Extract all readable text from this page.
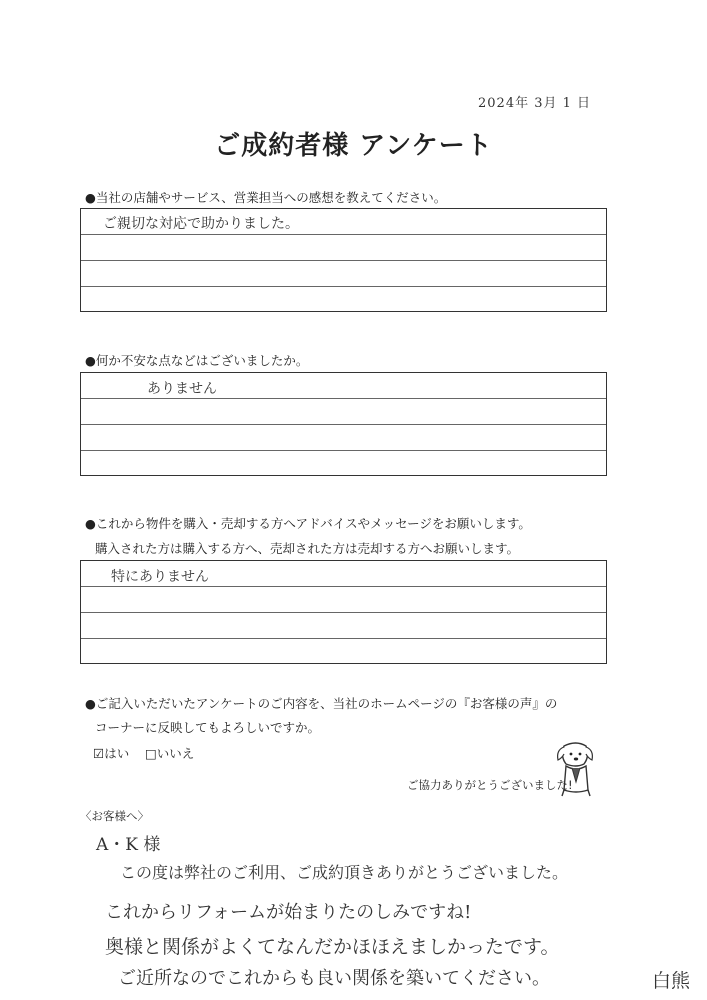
2024年 3月 1 日
ご成約者様 アンケート
●当社の店舗やサービス、営業担当への感想を教えてください。
ご親切な対応で助かりました。
●何か不安な点などはございましたか。
ありません
●これから物件を購入・売却する方へアドバイスやメッセージをお願いします。
購入された方は購入する方へ、売却された方は売却する方へお願いします。
特にありません
●ご記入いただいたアンケートのご内容を、当社のホームページの『お客様の声』の
コーナーに反映してもよろしいですか。
☑はい □いいえ
ご協力ありがとうございました!
〈お客様へ〉
A・K 様
この度は弊社のご利用、ご成約頂きありがとうございました。
これからリフォームが始まりたのしみですね!
奥様と関係がよくてなんだかほほえましかったです。
ご近所なのでこれからも良い関係を築いてください。	白熊
